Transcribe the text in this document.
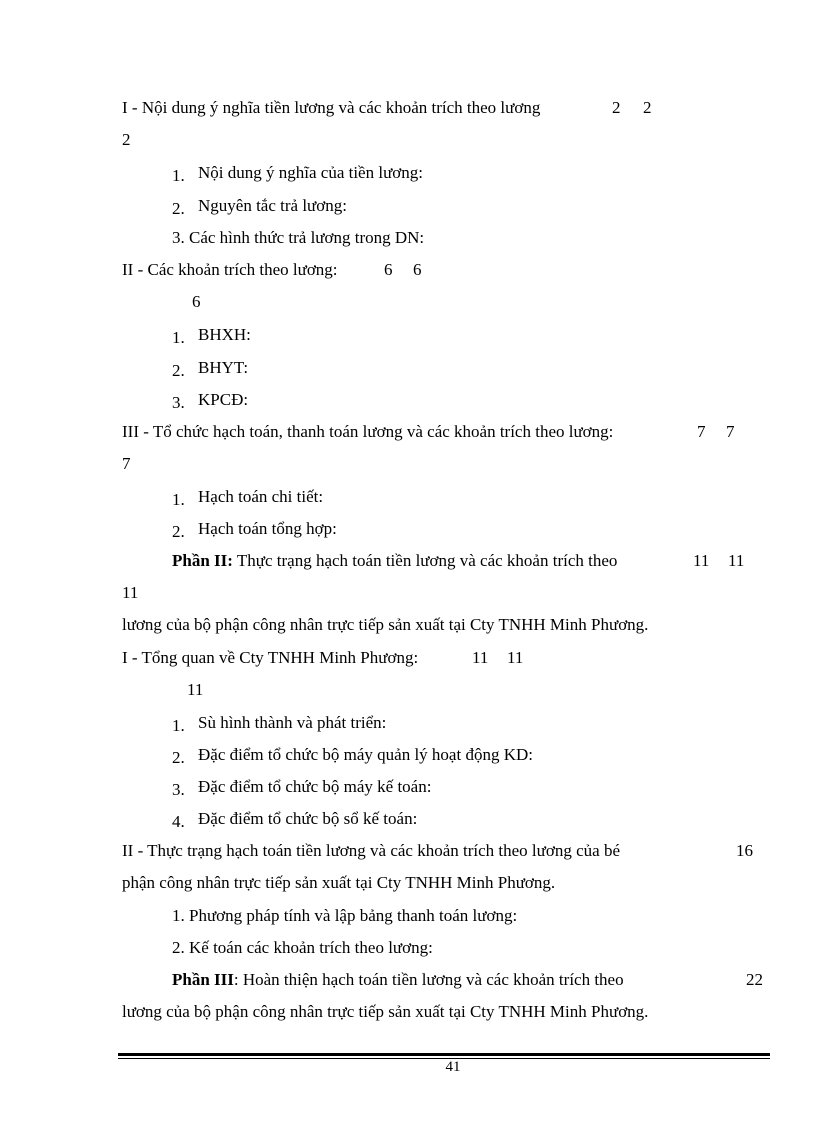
I - Nội dung ý nghĩa tiền lương và các khoản trích theo lương	2 2
2
1. Nội dung ý nghĩa của tiền lương:
2. Nguyên tắc trả lương:
3. Các hình thức trả lương trong DN:
II - Các khoản trích theo lương:	6 6
6
1. BHXH:
2. BHYT:
3. KPCĐ:
III - Tổ chức hạch toán, thanh toán lương và các khoản trích theo lương:	7 7
7
1. Hạch toán chi tiết:
2. Hạch toán tổng hợp:
Phần II: Thực trạng hạch toán tiền lương và các khoản trích theo	11 11
11
lương của bộ phận công nhân trực tiếp sản xuất tại Cty TNHH Minh Phương.
I - Tổng quan về Cty TNHH Minh Phương:	11 11
11
1. Sù hình thành và phát triển:
2. Đặc điểm tổ chức bộ máy quản lý hoạt động KD:
3. Đặc điểm tổ chức bộ máy kế toán:
4. Đặc điểm tổ chức bộ sổ kế toán:
II - Thực trạng hạch toán tiền lương và các khoản trích theo lương của bé	16
phận công nhân trực tiếp sản xuất tại Cty TNHH Minh Phương.
1. Phương pháp tính và lập bảng thanh toán lương:
2. Kế toán các khoản trích theo lương:
Phần III: Hoàn thiện hạch toán tiền lương và các khoản trích theo	22
lương của bộ phận công nhân trực tiếp sản xuất tại Cty TNHH Minh Phương.
41
